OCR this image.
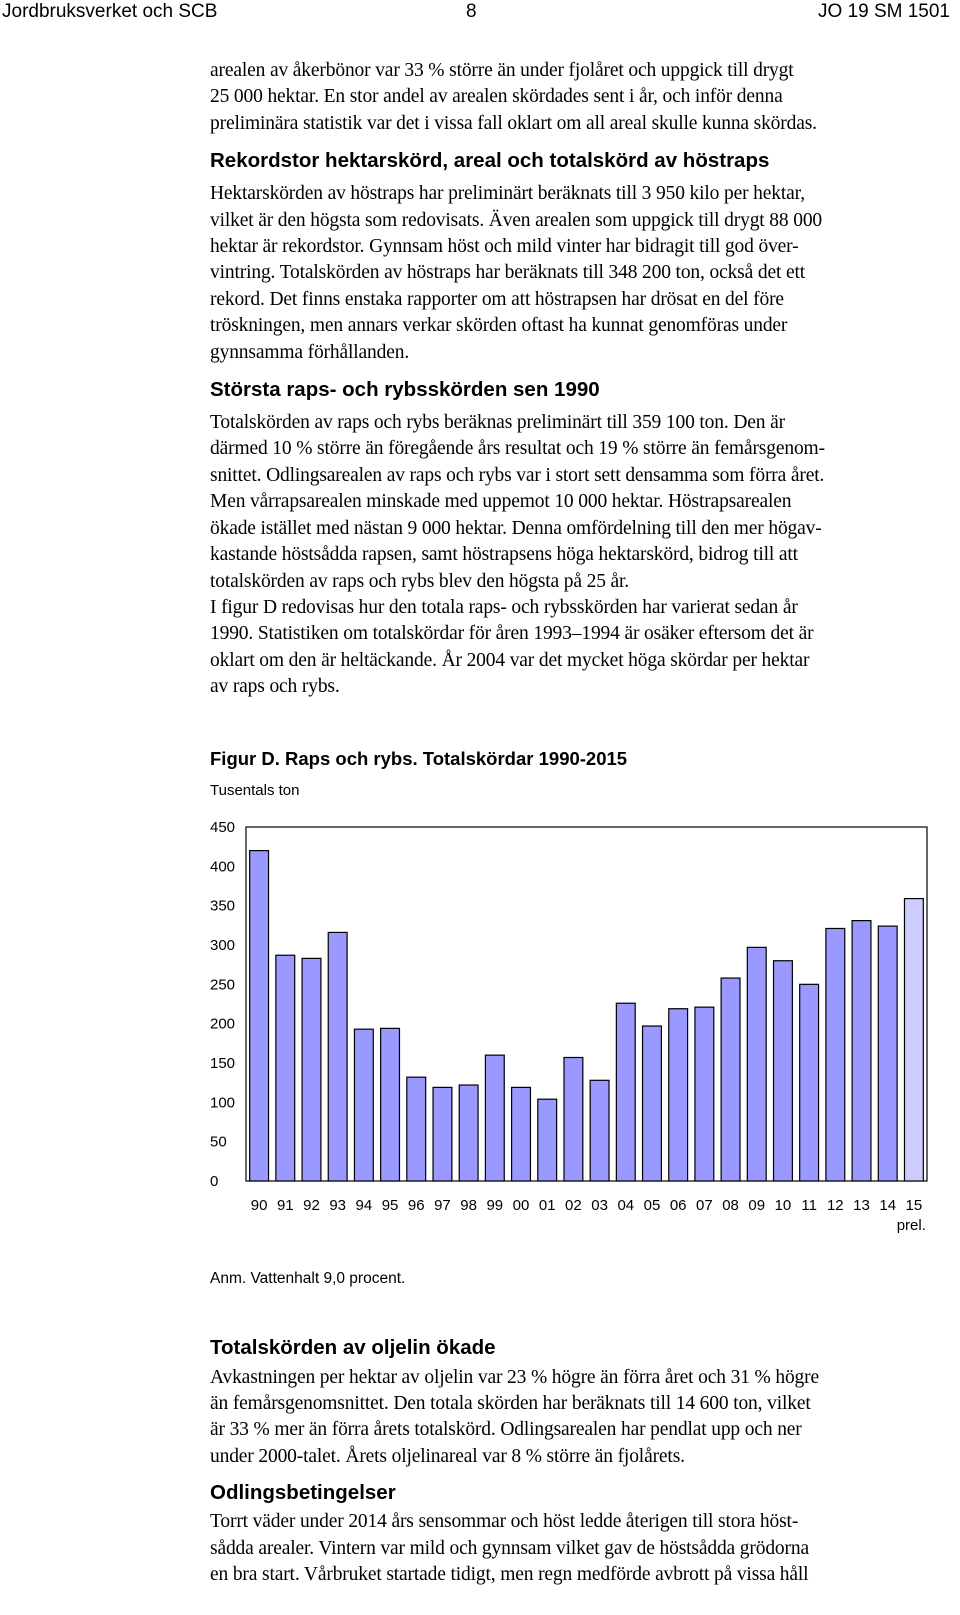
Jordbruksverket och SCB	8	JO 19 SM 1501

arealen av åkerbönor var 33 % större än under fjolåret och uppgick till drygt
25 000 hektar. En stor andel av arealen skördades sent i år, och inför denna
preliminära statistik var det i vissa fall oklart om all areal skulle kunna skördas.

Rekordstor hektarskörd, areal och totalskörd av höstraps

Hektarskörden av höstraps har preliminärt beräknats till 3 950 kilo per hektar,
vilket är den högsta som redovisats. Även arealen som uppgick till drygt 88 000
hektar är rekordstor. Gynnsam höst och mild vinter har bidragit till god över-
vintring. Totalskörden av höstraps har beräknats till 348 200 ton, också det ett
rekord. Det finns enstaka rapporter om att höstrapsen har drösat en del före
tröskningen, men annars verkar skörden oftast ha kunnat genomföras under
gynnsamma förhållanden.

Största raps- och rybsskörden sen 1990

Totalskörden av raps och rybs beräknas preliminärt till 359 100 ton. Den är
därmed 10 % större än föregående års resultat och 19 % större än femårsgenom-
snittet. Odlingsarealen av raps och rybs var i stort sett densamma som förra året.
Men vårrapsarealen minskade med uppemot 10 000 hektar. Höstrapsarealen
ökade istället med nästan 9 000 hektar. Denna omfördelning till den mer högav-
kastande höstsådda rapsen, samt höstrapsens höga hektarskörd, bidrog till att
totalskörden av raps och rybs blev den högsta på 25 år.

I figur D redovisas hur den totala raps- och rybsskörden har varierat sedan år
1990. Statistiken om totalskördar för åren 1993–1994 är osäker eftersom det är
oklart om den är heltäckande. År 2004 var det mycket höga skördar per hektar
av raps och rybs.

Figur D. Raps och rybs. Totalskördar 1990-2015
Tusentals ton
450
400
350
300
250
200
150
100
50
0
90 91 92 93 94 95 96 97 98 99 00 01 02 03 04 05 06 07 08 09 10 11 12 13 14 15
prel.

Anm. Vattenhalt 9,0 procent.

Totalskörden av oljelin ökade

Avkastningen per hektar av oljelin var 23 % högre än förra året och 31 % högre
än femårsgenomsnittet. Den totala skörden har beräknats till 14 600 ton, vilket
är 33 % mer än förra årets totalskörd. Odlingsarealen har pendlat upp och ner
under 2000-talet. Årets oljelinareal var 8 % större än fjolårets.

Odlingsbetingelser

Torrt väder under 2014 års sensommar och höst ledde återigen till stora höst-
sådda arealer. Vintern var mild och gynnsam vilket gav de höstsådda grödorna
en bra start. Vårbruket startade tidigt, men regn medförde avbrott på vissa håll
